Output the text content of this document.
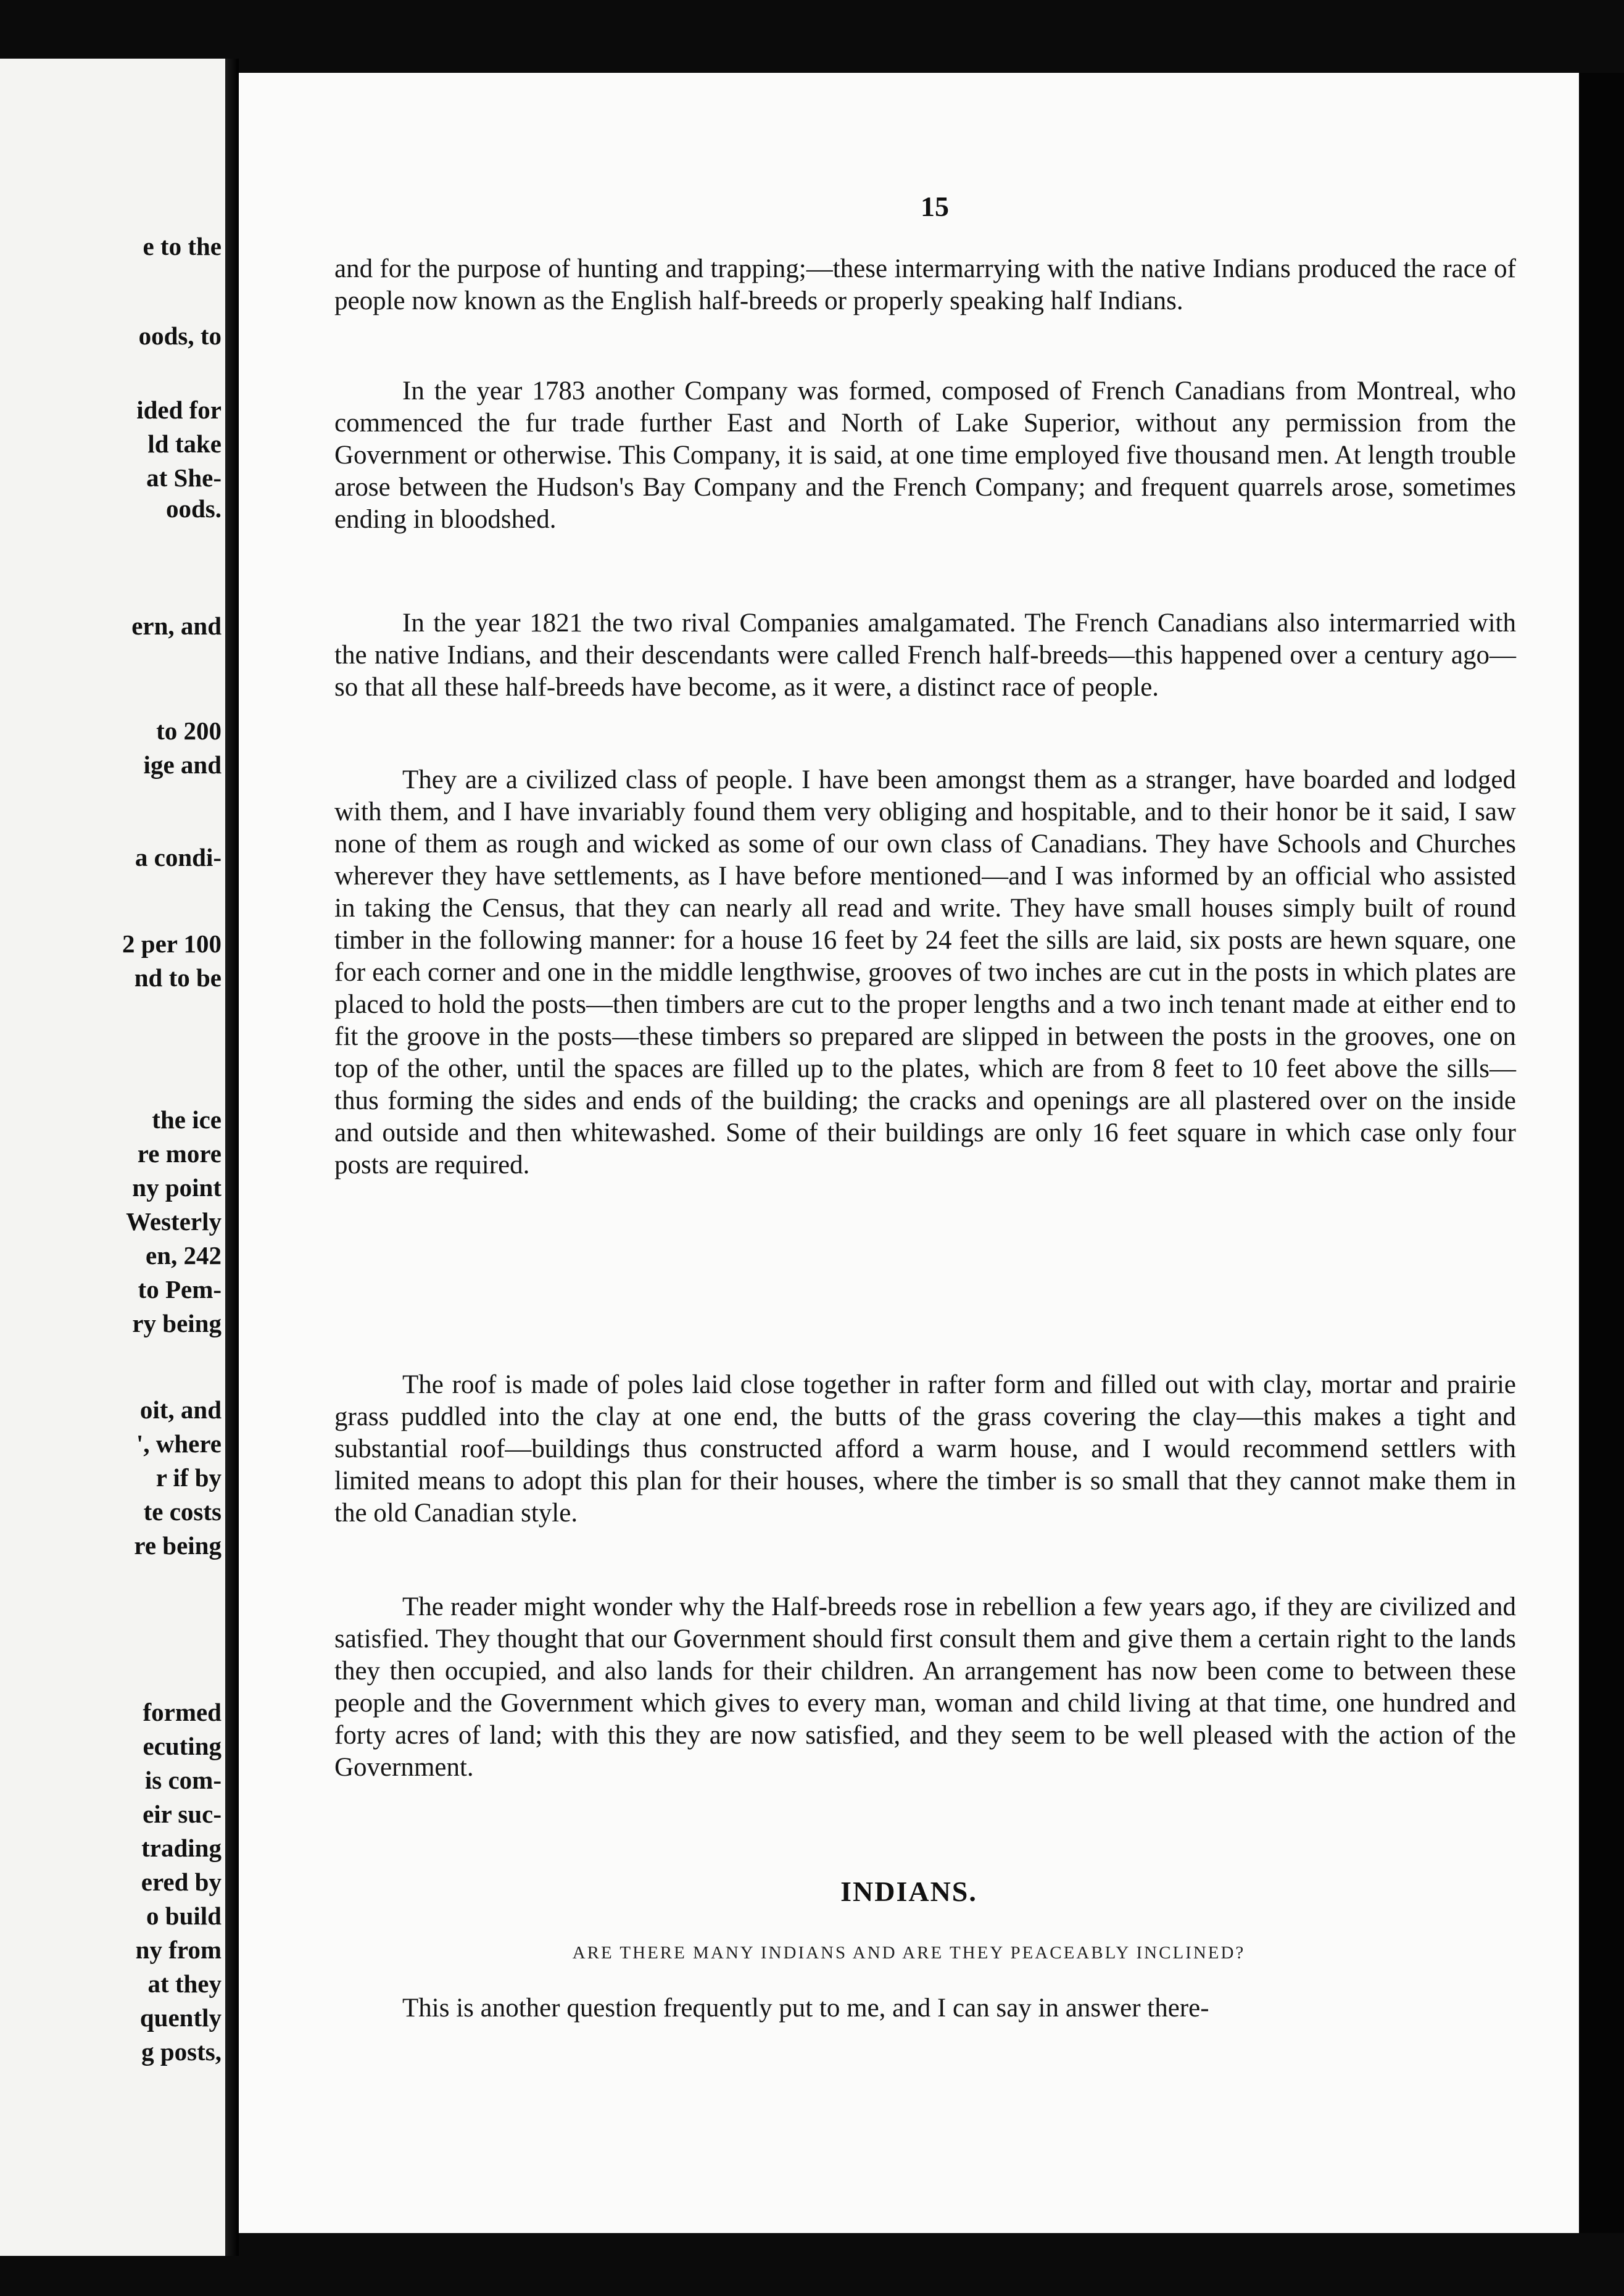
e to the
oods, to
ided for
ld take
at She-
oods.
ern, and
to 200
ige and
a condi-
2 per 100
nd to be
the ice
re more
ny point
Westerly
en, 242
to Pem-
ry being
oit, and
', where
r if by
te costs
re being
formed
ecuting
is com-
eir suc-
trading
ered by
o build
ny from
at they
quently
g posts,
15

and for the purpose of hunting and trapping;—these intermarrying with the native Indians produced the race of people now known as the English half-breeds or properly speaking half Indians.

In the year 1783 another Company was formed, composed of French Canadians from Montreal, who commenced the fur trade further East and North of Lake Superior, without any permission from the Government or otherwise. This Company, it is said, at one time employed five thousand men. At length trouble arose between the Hudson's Bay Company and the French Company; and frequent quarrels arose, sometimes ending in bloodshed.

In the year 1821 the two rival Companies amalgamated. The French Canadians also intermarried with the native Indians, and their descendants were called French half-breeds—this happened over a century ago—so that all these half-breeds have become, as it were, a distinct race of people.

They are a civilized class of people. I have been amongst them as a stranger, have boarded and lodged with them, and I have invariably found them very obliging and hospitable, and to their honor be it said, I saw none of them as rough and wicked as some of our own class of Canadians. They have Schools and Churches wherever they have settlements, as I have before mentioned—and I was informed by an official who assisted in taking the Census, that they can nearly all read and write. They have small houses simply built of round timber in the following manner: for a house 16 feet by 24 feet the sills are laid, six posts are hewn square, one for each corner and one in the middle lengthwise, grooves of two inches are cut in the posts in which plates are placed to hold the posts—then timbers are cut to the proper lengths and a two inch tenant made at either end to fit the groove in the posts—these timbers so prepared are slipped in between the posts in the grooves, one on top of the other, until the spaces are filled up to the plates, which are from 8 feet to 10 feet above the sills—thus forming the sides and ends of the building; the cracks and openings are all plastered over on the inside and outside and then whitewashed. Some of their buildings are only 16 feet square in which case only four posts are required.

The roof is made of poles laid close together in rafter form and filled out with clay, mortar and prairie grass puddled into the clay at one end, the butts of the grass covering the clay—this makes a tight and substantial roof—buildings thus constructed afford a warm house, and I would recommend settlers with limited means to adopt this plan for their houses, where the timber is so small that they cannot make them in the old Canadian style.

The reader might wonder why the Half-breeds rose in rebellion a few years ago, if they are civilized and satisfied. They thought that our Government should first consult them and give them a certain right to the lands they then occupied, and also lands for their children. An arrangement has now been come to between these people and the Government which gives to every man, woman and child living at that time, one hundred and forty acres of land; with this they are now satisfied, and they seem to be well pleased with the action of the Government.

INDIANS.
ARE THERE MANY INDIANS AND ARE THEY PEACEABLY INCLINED?

This is another question frequently put to me, and I can say in answer there-
